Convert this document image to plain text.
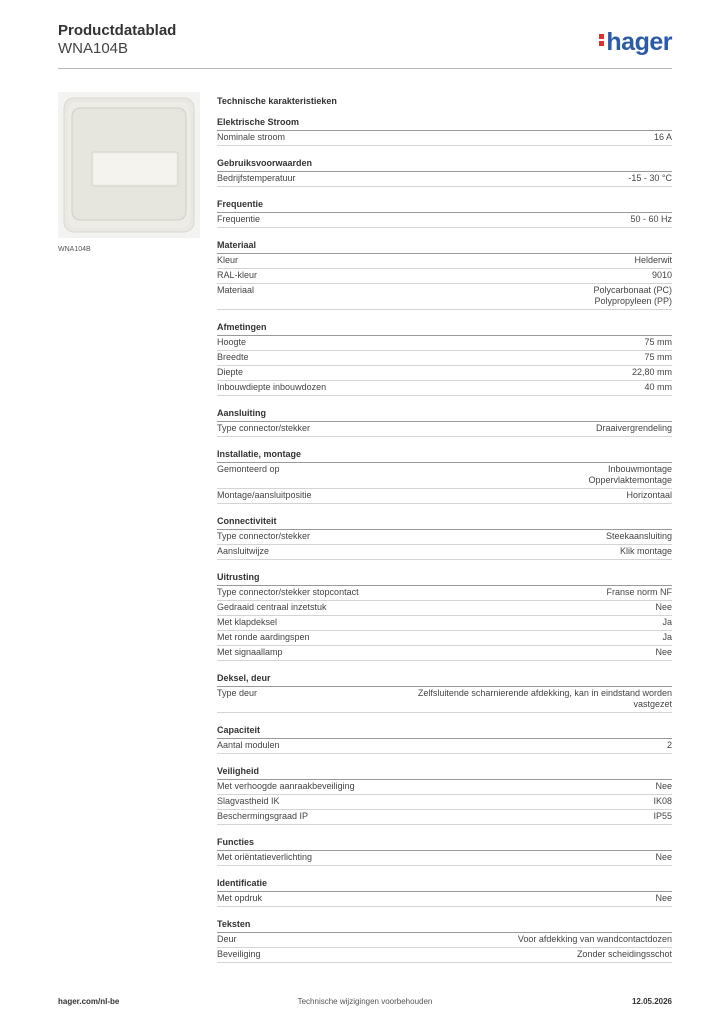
Productdatablad
WNA104B	hager
WNA104B
Technische karakteristieken
Elektrische Stroom
Nominale stroom	16 A
Gebruiksvoorwaarden
Bedrijfstemperatuur	-15 - 30 °C
Frequentie
Frequentie	50 - 60 Hz
Materiaal
Kleur	Helderwit
RAL-kleur	9010
Materiaal	Polycarbonaat (PC)
Polypropyleen (PP)
Afmetingen
Hoogte	75 mm
Breedte	75 mm
Diepte	22,80 mm
Inbouwdiepte inbouwdozen	40 mm
Aansluiting
Type connector/stekker	Draaivergrendeling
Installatie, montage
Gemonteerd op	Inbouwmontage
Oppervlaktemontage
Montage/aansluitpositie	Horizontaal
Connectiviteit
Type connector/stekker	Steekaansluiting
Aansluitwijze	Klik montage
Uitrusting
Type connector/stekker stopcontact	Franse norm NF
Gedraaid centraal inzetstuk	Nee
Met klapdeksel	Ja
Met ronde aardingspen	Ja
Met signaallamp	Nee
Deksel, deur
Type deur	Zelfsluitende scharnierende afdekking, kan in eindstand worden
vastgezet
Capaciteit
Aantal modulen	2
Veiligheid
Met verhoogde aanraakbeveiliging	Nee
Slagvastheid IK	IK08
Beschermingsgraad IP	IP55
Functies
Met oriëntatieverlichting	Nee
Identificatie
Met opdruk	Nee
Teksten
Deur	Voor afdekking van wandcontactdozen
Beveiliging	Zonder scheidingsschot
hager.com/nl-be	Technische wijzigingen voorbehouden	12.05.2026
